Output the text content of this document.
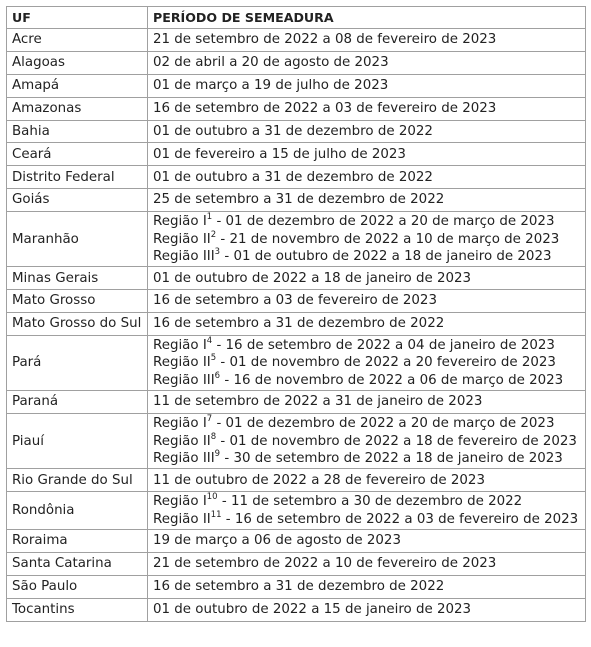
UF	PERÍODO DE SEMEADURA
Acre	21 de setembro de 2022 a 08 de fevereiro de 2023

Alagoas	02 de abril a 20 de agosto de 2023

Amapá	01 de março a 19 de julho de 2023

Amazonas	16 de setembro de 2022 a 03 de fevereiro de 2023

Bahia	01 de outubro a 31 de dezembro de 2022

Ceará	01 de fevereiro a 15 de julho de 2023

Distrito Federal	01 de outubro a 31 de dezembro de 2022

Goiás	25 de setembro a 31 de dezembro de 2022

Maranhão	Região $I^1 - 01$ de dezembro de 2022 a 20 de março de 2023
Região $II^2 - 21$ de novembro de 2022 a 10 de março de 2023
Região III$^3$ - 01 de outubro de 2022 a 18 de janeiro de 2023

Minas Gerais	01 de outubro de 2022 a 18 de janeiro de 2023

Mato Grosso	16 de setembro a 03 de fevereiro de 2023

Mato Grosso do Sul	16 de setembro a 31 de dezembro de 2022

Pará	Região $I^4 - 16$ de setembro de 2022 a 04 de janeiro de 2023
Região $II^5 - 01$ de novembro de 2022 a 20 fevereiro de 2023
Região III$^6$ - 16 de novembro de 2022 a 06 de março de 2023

Paraná	11 de setembro de 2022 a 31 de janeiro de 2023

Piauí	Região $I^7 - 01$ de dezembro de 2022 a 20 de março de 2023
Região $II^8 - 01$ de novembro de 2022 a 18 de fevereiro de 2023
Região III$^9$ - 30 de setembro de 2022 a 18 de janeiro de 2023

Rio Grande do Sul	11 de outubro de 2022 a 28 de fevereiro de 2023

Rondônia	Região $I^{10} - 11$ de setembro a 30 de dezembro de 2022
Região II$^{11}$ - 16 de setembro de 2022 a 03 de fevereiro de 2023

Roraima	19 de março a 06 de agosto de 2023

Santa Catarina	21 de setembro de 2022 a 10 de fevereiro de 2023

São Paulo	16 de setembro a 31 de dezembro de 2022

Tocantins	01 de outubro de 2022 a 15 de janeiro de 2023
